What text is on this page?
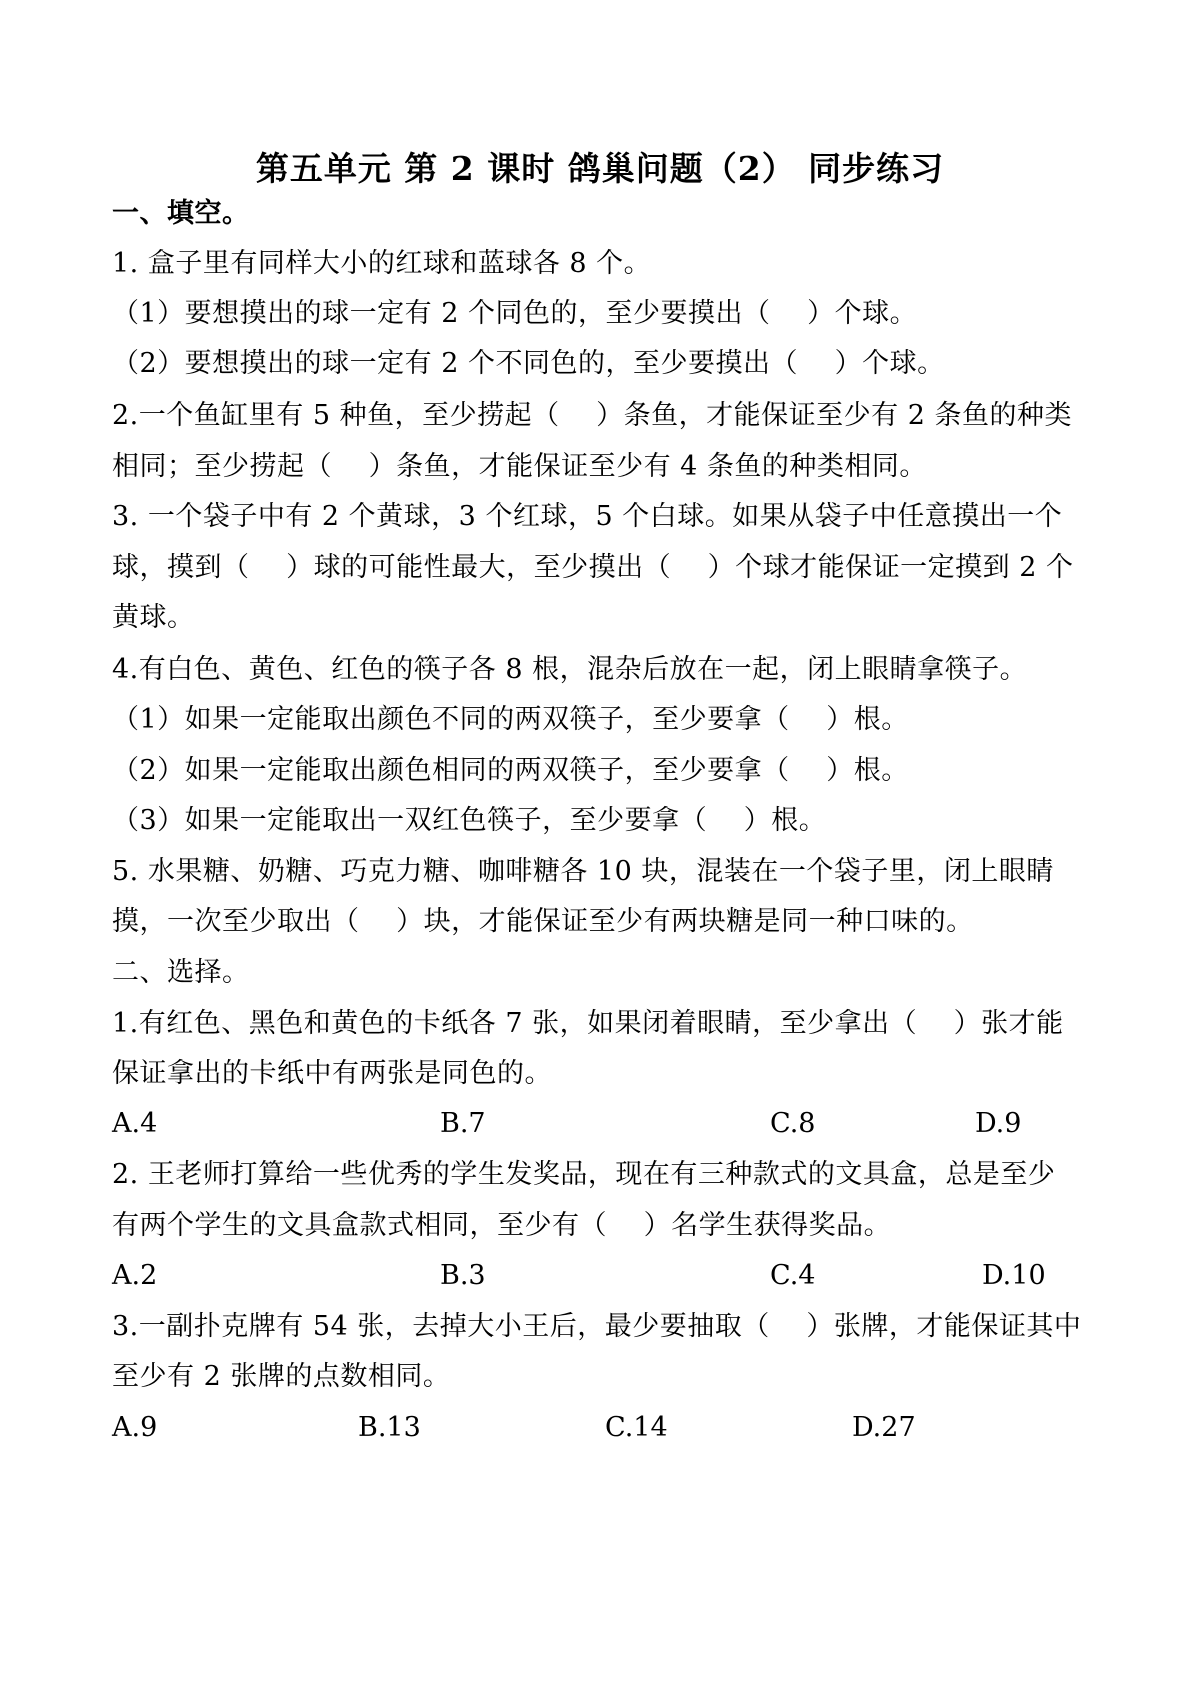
第五单元 第 2 课时 鸽巢问题（2） 同步练习
一、填空。
1. 盒子里有同样大小的红球和蓝球各 8 个。
（1）要想摸出的球一定有 2 个同色的，至少要摸出（　 ）个球。
（2）要想摸出的球一定有 2 个不同色的，至少要摸出（　 ）个球。
2.一个鱼缸里有 5 种鱼，至少捞起（　 ）条鱼，才能保证至少有 2 条鱼的种类
相同；至少捞起（　 ）条鱼，才能保证至少有 4 条鱼的种类相同。
3. 一个袋子中有 2 个黄球，3 个红球，5 个白球。如果从袋子中任意摸出一个
球，摸到（　 ）球的可能性最大，至少摸出（　 ）个球才能保证一定摸到 2 个
黄球。
4.有白色、黄色、红色的筷子各 8 根，混杂后放在一起，闭上眼睛拿筷子。
（1）如果一定能取出颜色不同的两双筷子，至少要拿（　 ）根。
（2）如果一定能取出颜色相同的两双筷子，至少要拿（　 ）根。
（3）如果一定能取出一双红色筷子，至少要拿（　 ）根。
5. 水果糖、奶糖、巧克力糖、咖啡糖各 10 块，混装在一个袋子里，闭上眼睛
摸，一次至少取出（　 ）块，才能保证至少有两块糖是同一种口味的。
二、选择。
1.有红色、黑色和黄色的卡纸各 7 张，如果闭着眼睛，至少拿出（　 ）张才能
保证拿出的卡纸中有两张是同色的。
A.4	B.7	C.8	D.9
2. 王老师打算给一些优秀的学生发奖品，现在有三种款式的文具盒，总是至少
有两个学生的文具盒款式相同，至少有（　 ）名学生获得奖品。
A.2	B.3	C.4	D.10
3.一副扑克牌有 54 张，去掉大小王后，最少要抽取（　 ）张牌，才能保证其中
至少有 2 张牌的点数相同。
A.9	B.13	C.14	D.27
